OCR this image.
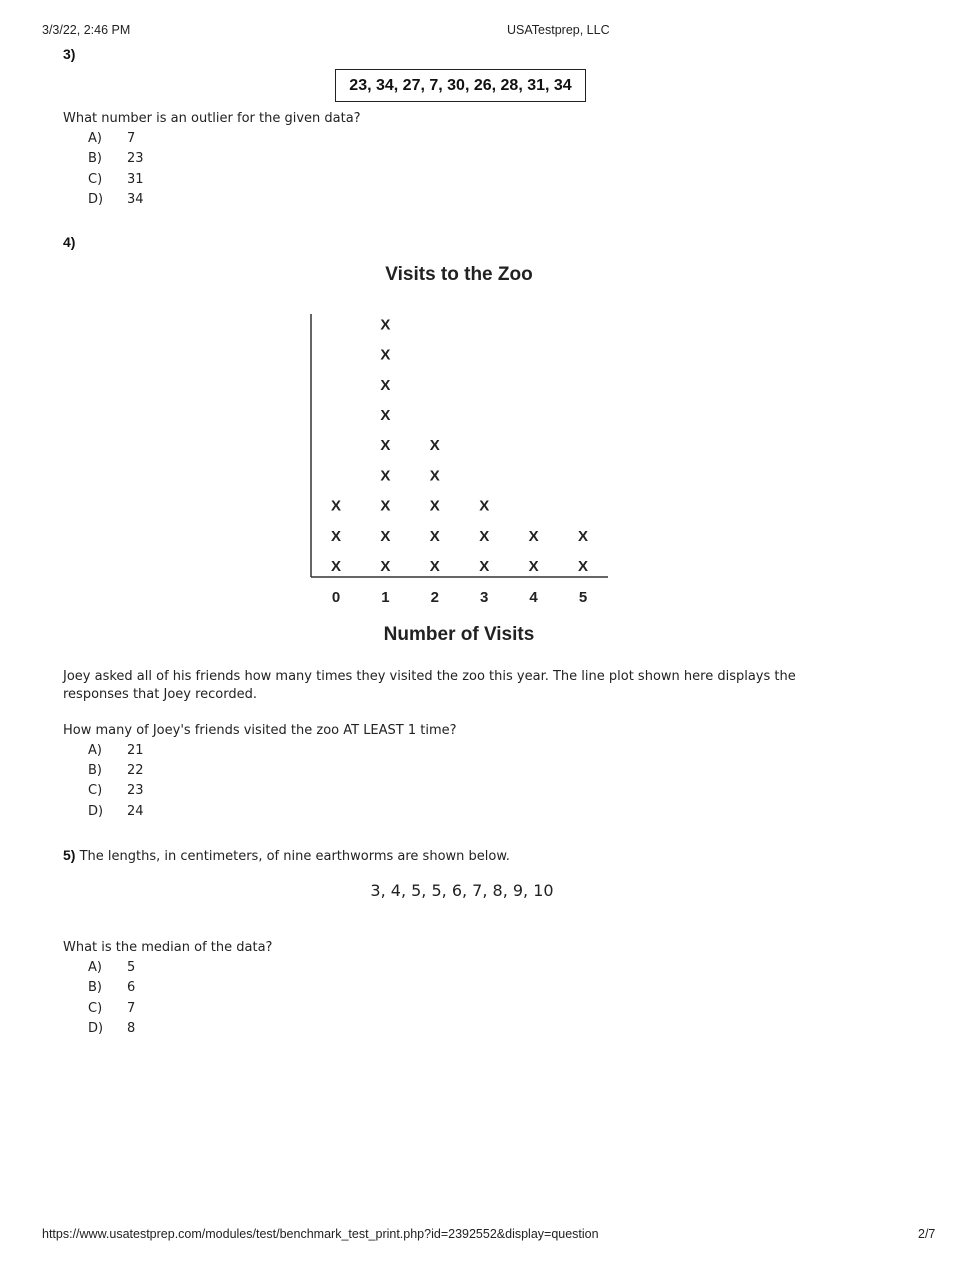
3/3/22, 2:46 PM	USATestprep, LLC
3)
23, 34, 27, 7, 30, 26, 28, 31, 34
What number is an outlier for the given data?
A) 7
B) 23
C) 31
D) 34
4)
Visits to the Zoo
X
X
X
X
X
X
X
X
X
X
X
X
X
X
X
X
X
X
X
X
X
X
X
X
0	1	2	3	4	5
Number of Visits
Joey asked all of his friends how many times they visited the zoo this year. The line plot shown here displays the responses that Joey recorded.
How many of Joey's friends visited the zoo AT LEAST 1 time?
A) 21
B) 22
C) 23
D) 24
5) The lengths, in centimeters, of nine earthworms are shown below.
3, 4, 5, 5, 6, 7, 8, 9, 10
What is the median of the data?
A) 5
B) 6
C) 7
D) 8
https://www.usatestprep.com/modules/test/benchmark_test_print.php?id=2392552&display=question	2/7
